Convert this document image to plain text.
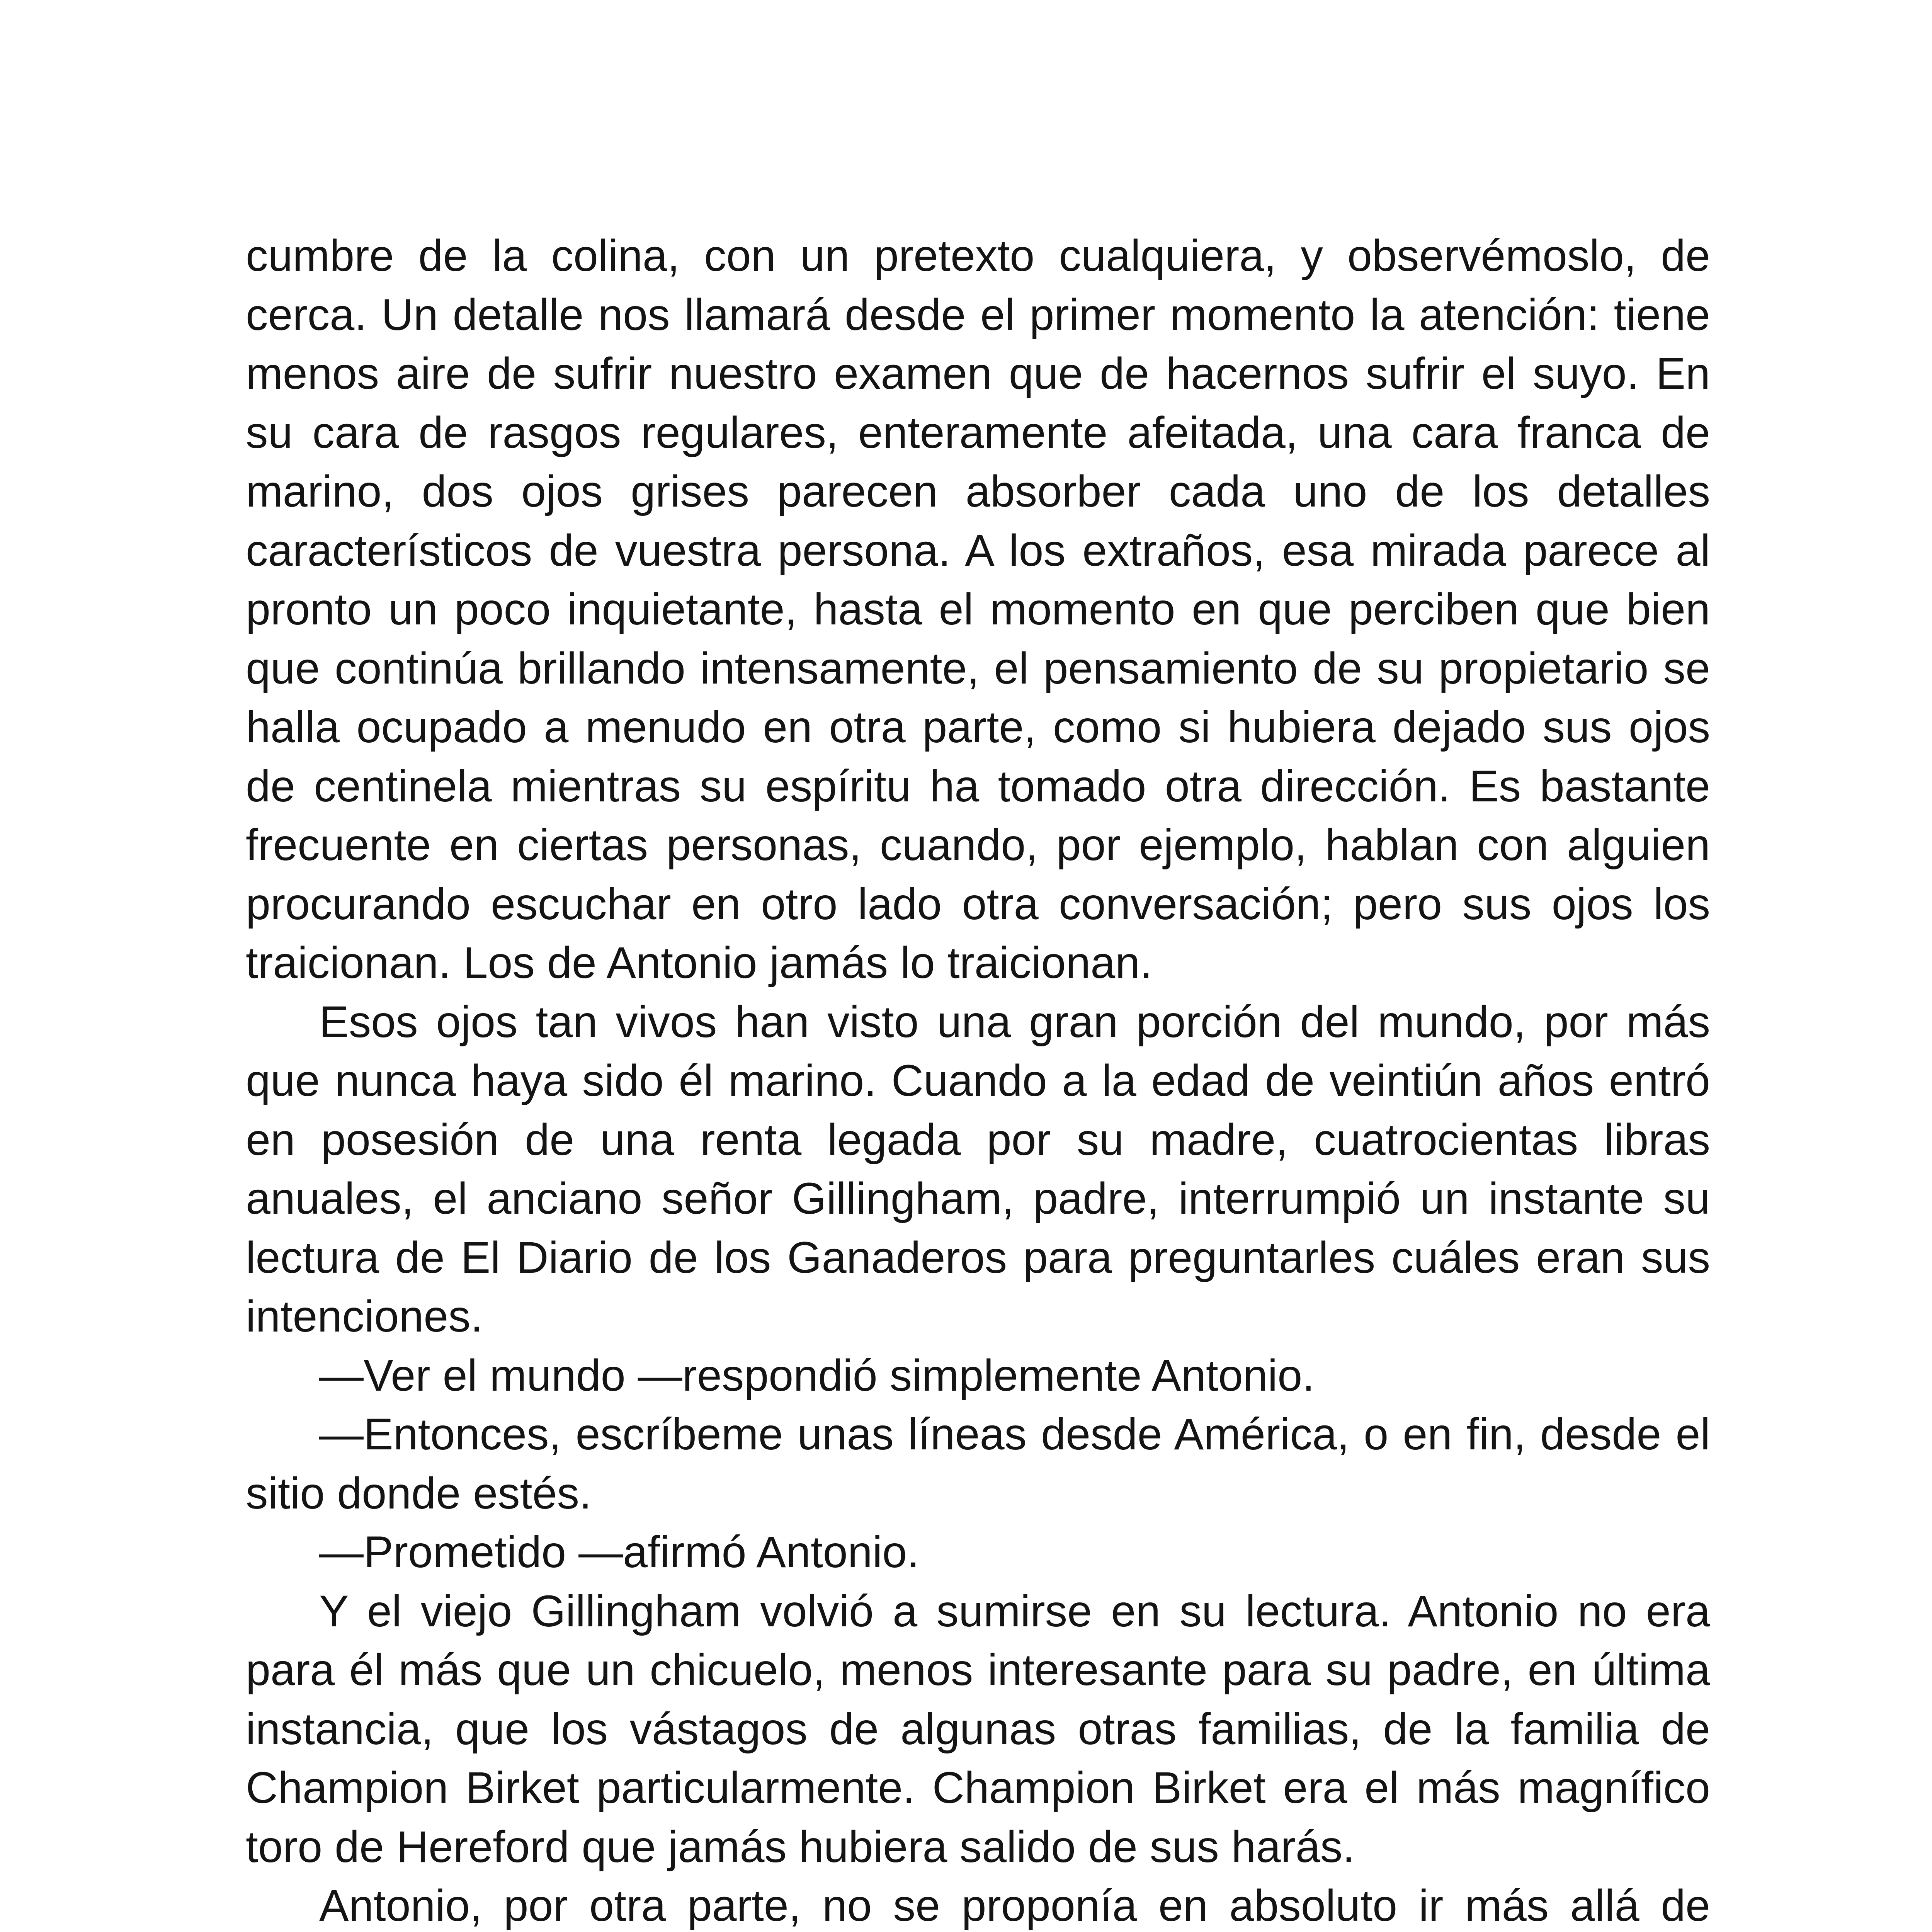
cumbre de la colina, con un pretexto cualquiera, y observémoslo, de cerca. Un detalle nos llamará desde el primer momento la atención: tiene menos aire de sufrir nuestro examen que de hacernos sufrir el suyo. En su cara de rasgos regulares, enteramente afeitada, una cara franca de marino, dos ojos grises parecen absorber cada uno de los detalles característicos de vuestra persona. A los extraños, esa mirada parece al pronto un poco inquietante, hasta el momento en que perciben que bien que continúa brillando intensamente, el pensamiento de su propietario se halla ocupado a menudo en otra parte, como si hubiera dejado sus ojos de centinela mientras su espíritu ha tomado otra dirección. Es bastante frecuente en ciertas personas, cuando, por ejemplo, hablan con alguien procurando escuchar en otro lado otra conversación; pero sus ojos los traicionan. Los de Antonio jamás lo traicionan.

Esos ojos tan vivos han visto una gran porción del mundo, por más que nunca haya sido él marino. Cuando a la edad de veintiún años entró en posesión de una renta legada por su madre, cuatrocientas libras anuales, el anciano señor Gillingham, padre, interrumpió un instante su lectura de El Diario de los Ganaderos para preguntarles cuáles eran sus intenciones.

—Ver el mundo —respondió simplemente Antonio.

—Entonces, escríbeme unas líneas desde América, o en fin, desde el sitio donde estés.

—Prometido —afirmó Antonio.

Y el viejo Gillingham volvió a sumirse en su lectura. Antonio no era para él más que un chicuelo, menos interesante para su padre, en última instancia, que los vástagos de algunas otras familias, de la familia de Champion Birket particularmente. Champion Birket era el más magnífico toro de Hereford que jamás hubiera salido de sus harás.

Antonio, por otra parte, no se proponía en absoluto ir más allá de
